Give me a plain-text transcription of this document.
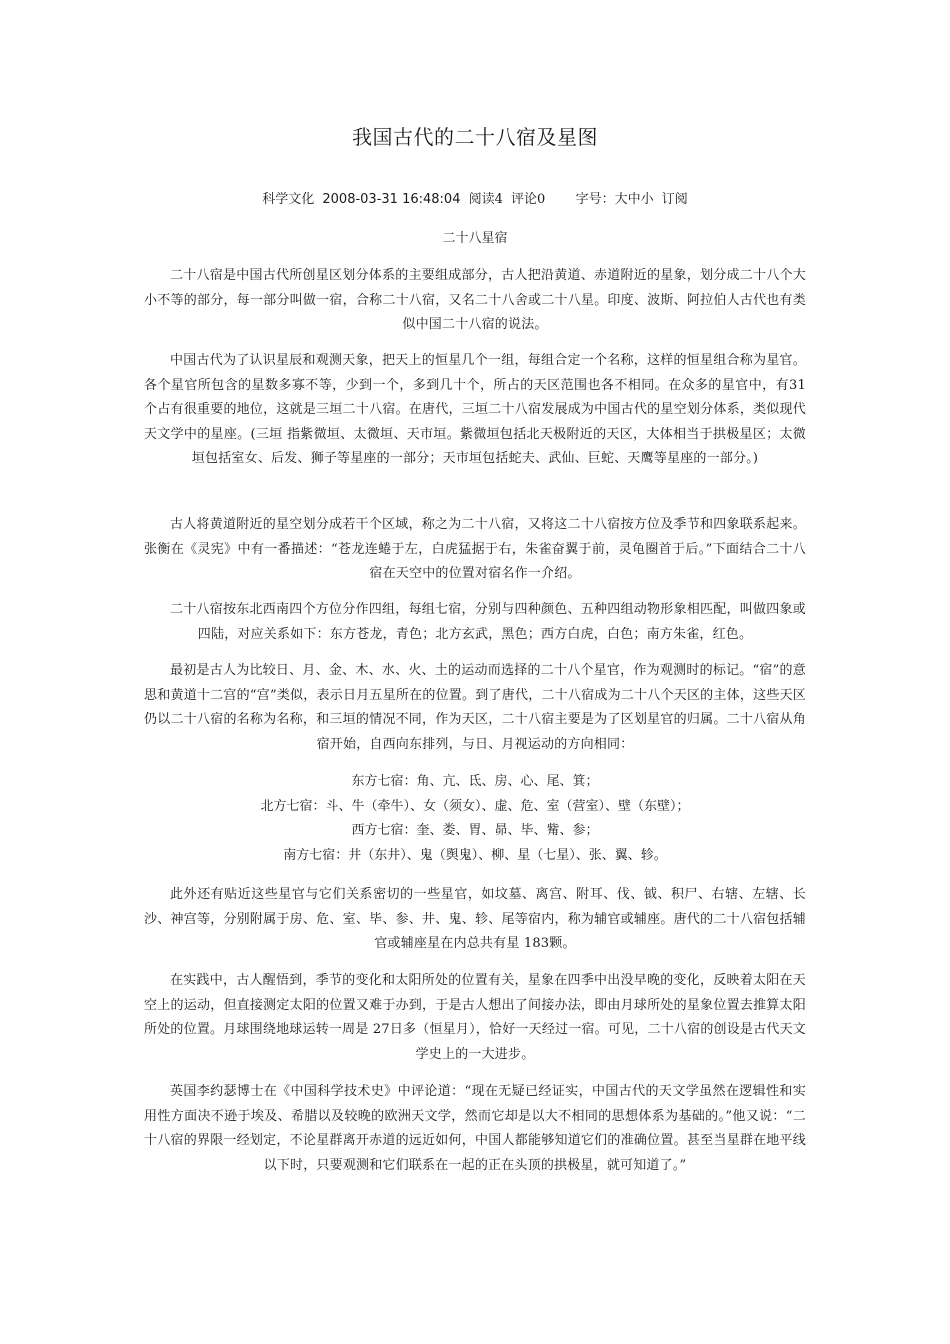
我国古代的二十八宿及星图
科学文化 2008-03-31 16:48:04 阅读4 评论0 字号：大中小 订阅
二十八星宿
二十八宿是中国古代所创星区划分体系的主要组成部分，古人把沿黄道、赤道附近的星象，划分成二十八个大小不等的部分，每一部分叫做一宿，合称二十八宿，又名二十八舍或二十八星。印度、波斯、阿拉伯人古代也有类似中国二十八宿的说法。
中国古代为了认识星辰和观测天象，把天上的恒星几个一组，每组合定一个名称，这样的恒星组合称为星官。各个星官所包含的星数多寡不等，少到一个，多到几十个，所占的天区范围也各不相同。在众多的星官中，有31个占有很重要的地位，这就是三垣二十八宿。在唐代，三垣二十八宿发展成为中国古代的星空划分体系，类似现代天文学中的星座。(三垣 指紫微垣、太微垣、天市垣。紫微垣包括北天极附近的天区，大体相当于拱极星区；太微垣包括室女、后发、狮子等星座的一部分；天市垣包括蛇夫、武仙、巨蛇、天鹰等星座的一部分。)
古人将黄道附近的星空划分成若干个区域，称之为二十八宿，又将这二十八宿按方位及季节和四象联系起来。张衡在《灵宪》中有一番描述：“苍龙连蜷于左，白虎猛据于右，朱雀奋翼于前，灵龟圈首于后。”下面结合二十八宿在天空中的位置对宿名作一介绍。
二十八宿按东北西南四个方位分作四组，每组七宿，分别与四种颜色、五种四组动物形象相匹配，叫做四象或四陆，对应关系如下：东方苍龙，青色；北方玄武，黑色；西方白虎，白色；南方朱雀，红色。
最初是古人为比较日、月、金、木、水、火、土的运动而选择的二十八个星官，作为观测时的标记。“宿”的意思和黄道十二宫的“宫”类似，表示日月五星所在的位置。到了唐代，二十八宿成为二十八个天区的主体，这些天区仍以二十八宿的名称为名称，和三垣的情况不同，作为天区，二十八宿主要是为了区划星官的归属。二十八宿从角宿开始，自西向东排列，与日、月视运动的方向相同：
东方七宿：角、亢、氐、房、心、尾、箕；
北方七宿：斗、牛（牵牛）、女（须女）、虚、危、室（营室）、壁（东壁）；
西方七宿：奎、娄、胃、昴、毕、觜、参；
南方七宿：井（东井）、鬼（舆鬼）、柳、星（七星）、张、翼、轸。
此外还有贴近这些星官与它们关系密切的一些星官，如坟墓、离宫、附耳、伐、钺、积尸、右辖、左辖、长沙、神宫等，分别附属于房、危、室、毕、参、井、鬼、轸、尾等宿内，称为辅官或辅座。唐代的二十八宿包括辅官或辅座星在内总共有星 183颗。
在实践中，古人醒悟到，季节的变化和太阳所处的位置有关，星象在四季中出没早晚的变化，反映着太阳在天空上的运动，但直接测定太阳的位置又难于办到，于是古人想出了间接办法，即由月球所处的星象位置去推算太阳所处的位置。月球围绕地球运转一周是 27日多（恒星月），恰好一天经过一宿。可见，二十八宿的创设是古代天文学史上的一大进步。
英国李约瑟博士在《中国科学技术史》中评论道：“现在无疑已经证实，中国古代的天文学虽然在逻辑性和实用性方面决不逊于埃及、希腊以及较晚的欧洲天文学，然而它却是以大不相同的思想体系为基础的。”他又说：“二十八宿的界限一经划定，不论星群离开赤道的远近如何，中国人都能够知道它们的准确位置。甚至当星群在地平线以下时，只要观测和它们联系在一起的正在头顶的拱极星，就可知道了。”
